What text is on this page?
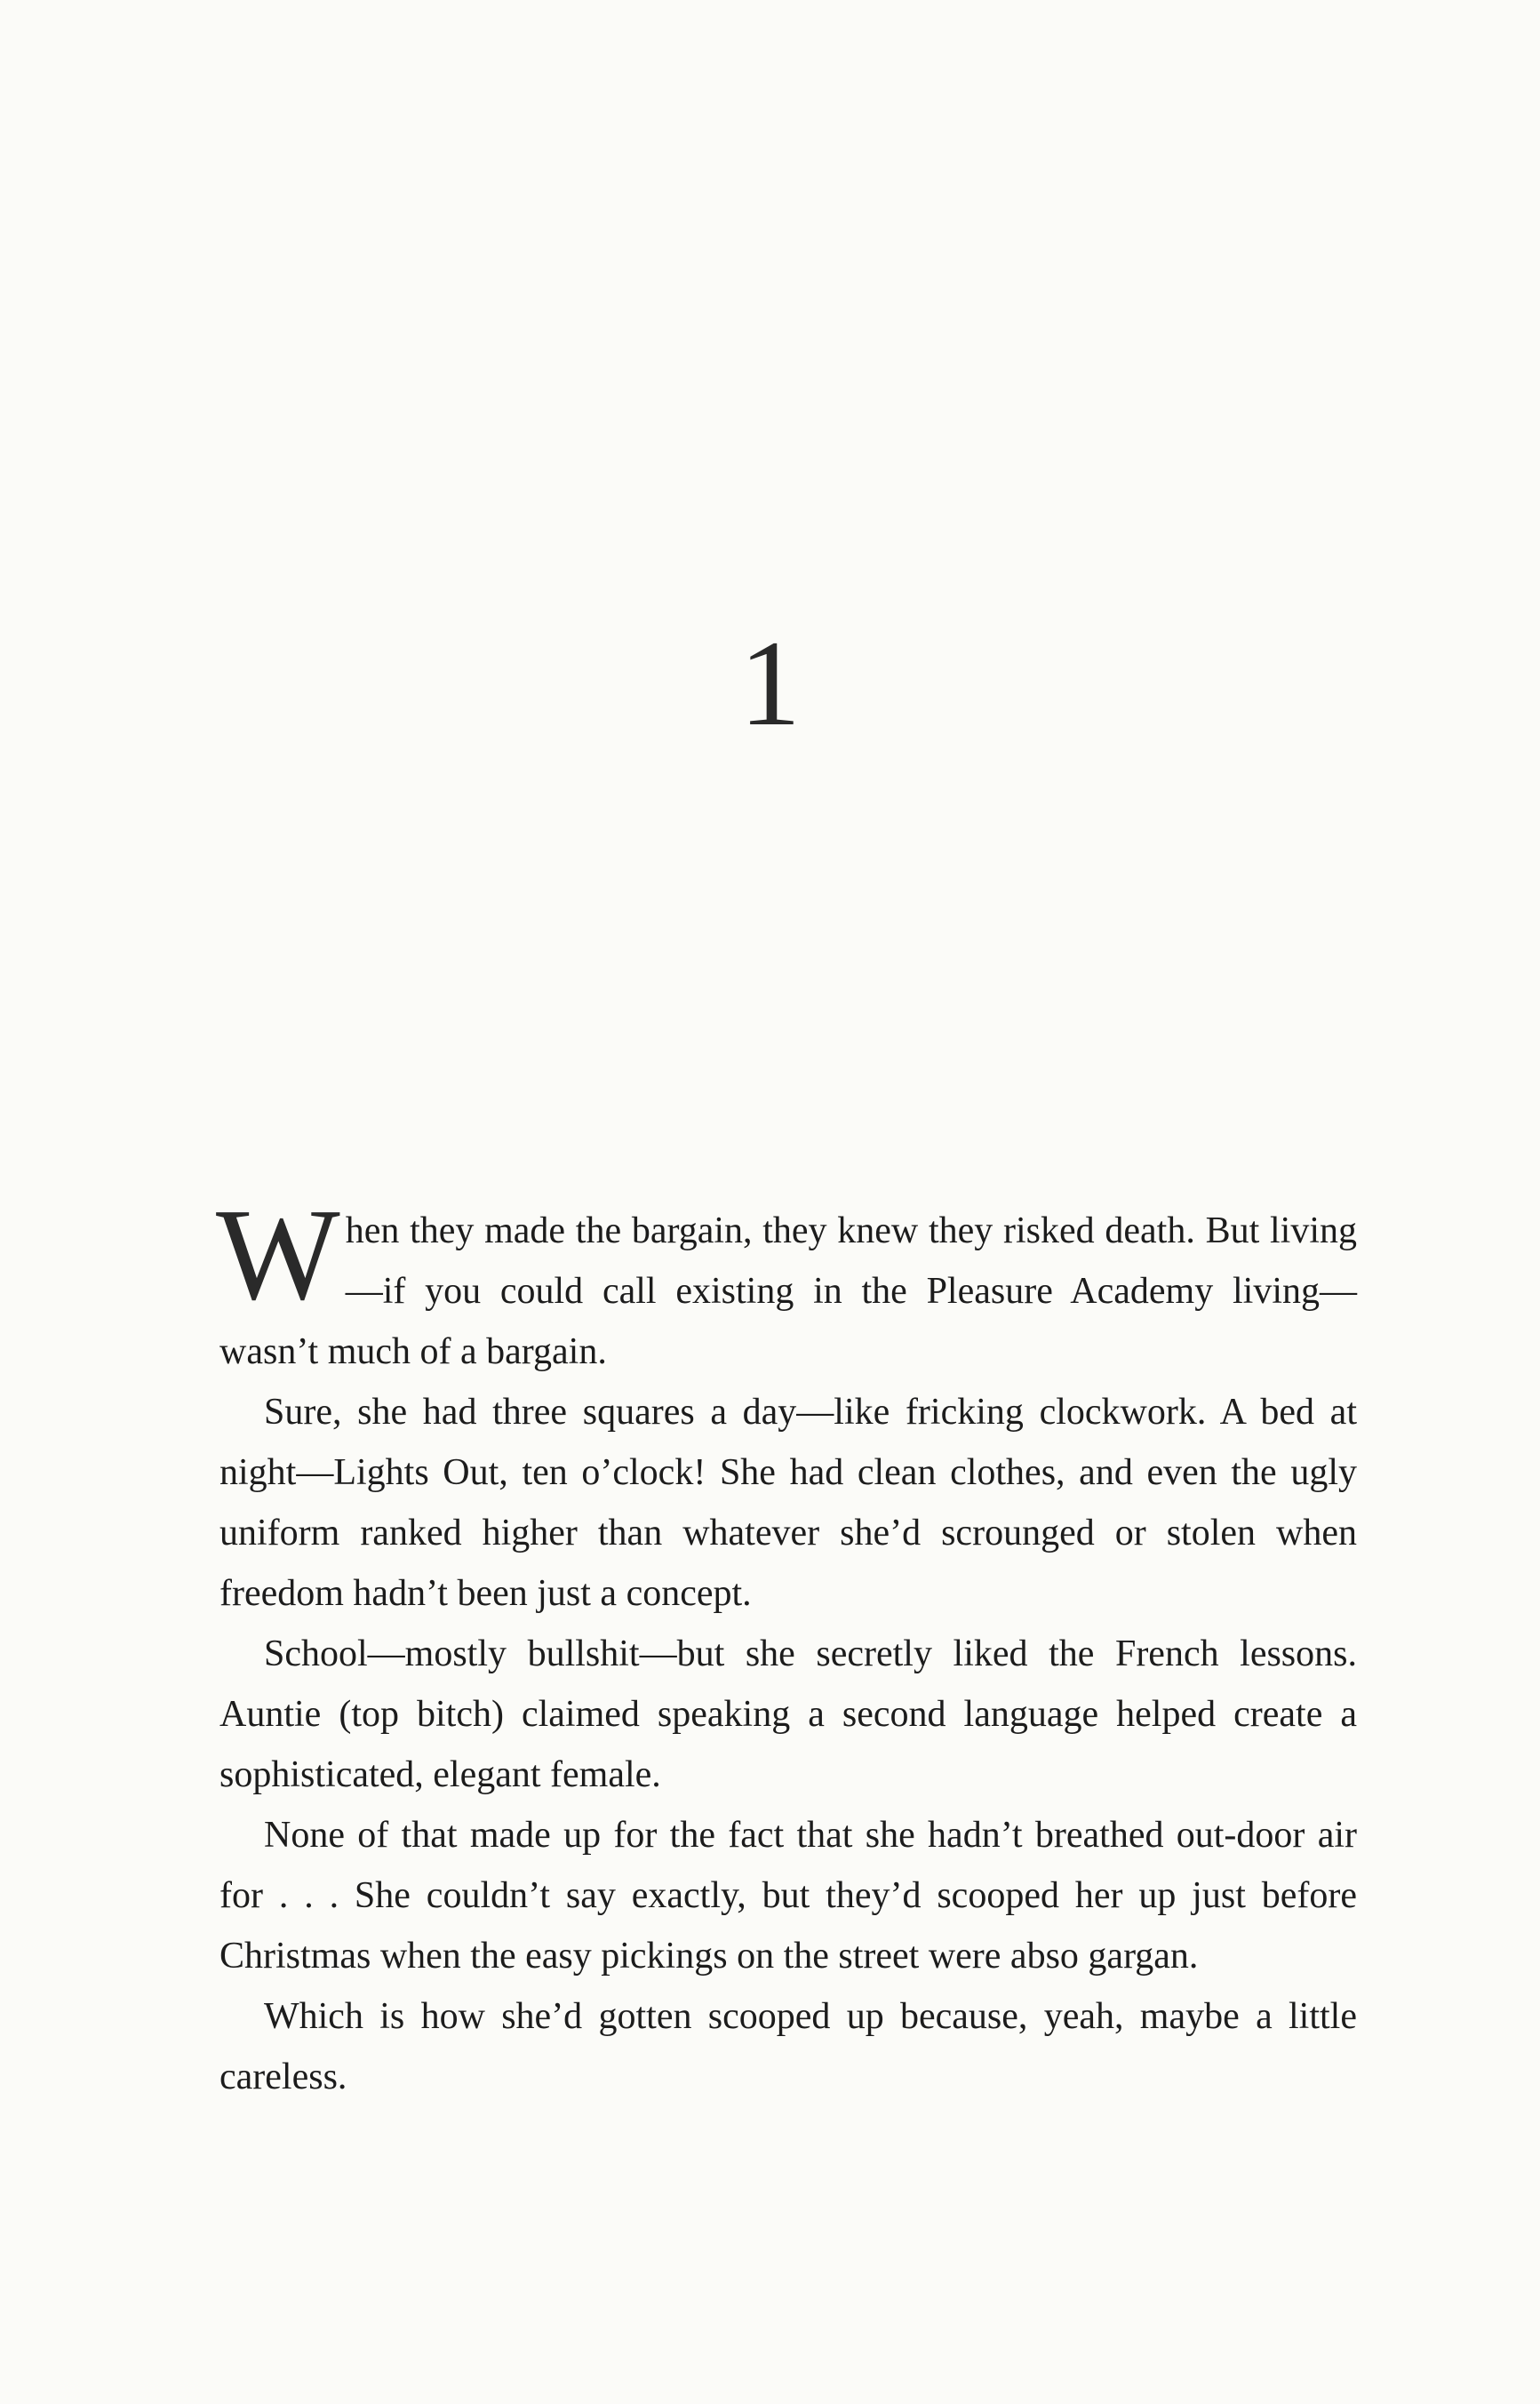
1

When they made the bargain, they knew they risked death. But living—if you could call existing in the Pleasure Academy living—wasn’t much of a bargain.

Sure, she had three squares a day—like fricking clockwork. A bed at night—Lights Out, ten o’clock! She had clean clothes, and even the ugly uniform ranked higher than whatever she’d scrounged or stolen when freedom hadn’t been just a concept.

School—mostly bullshit—but she secretly liked the French lessons. Auntie (top bitch) claimed speaking a second language helped create a sophisticated, elegant female.

None of that made up for the fact that she hadn’t breathed out-door air for . . . She couldn’t say exactly, but they’d scooped her up just before Christmas when the easy pickings on the street were abso gargan.

Which is how she’d gotten scooped up because, yeah, maybe a little careless.
